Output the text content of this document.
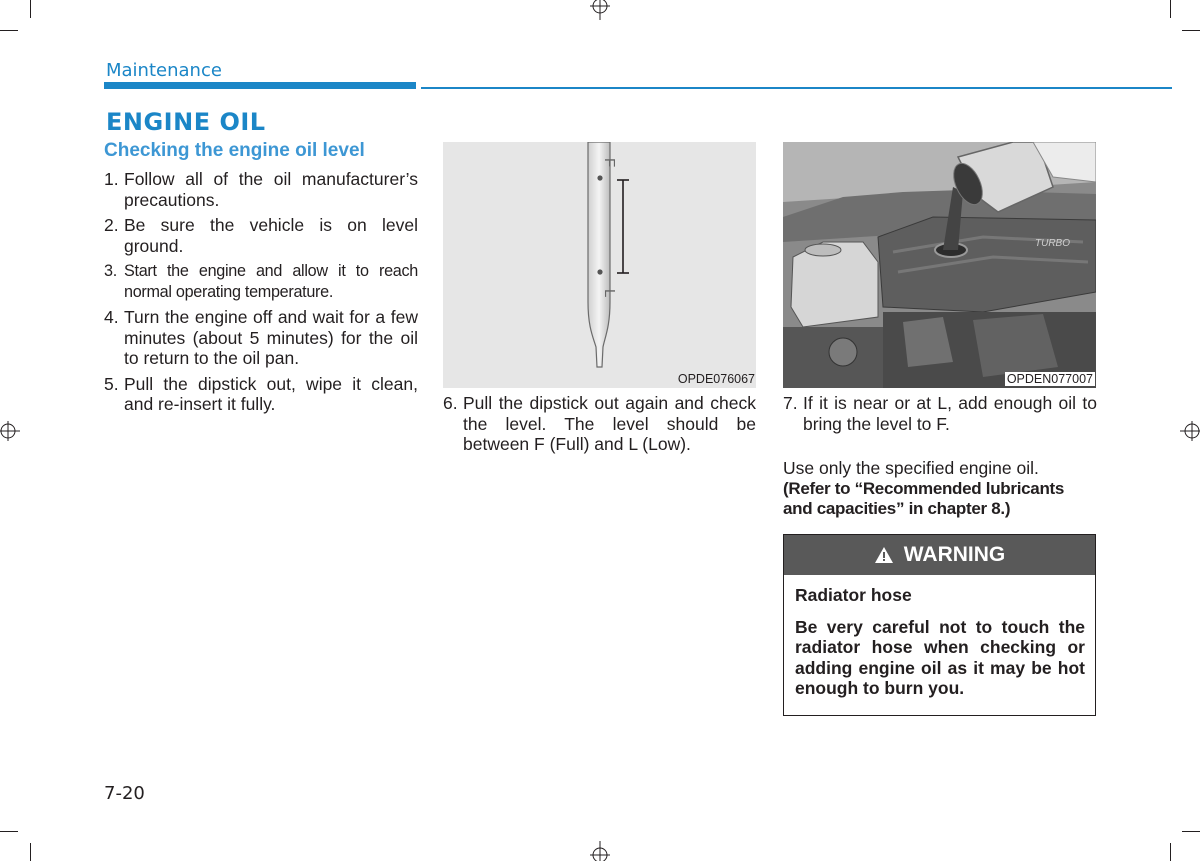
Maintenance
ENGINE OIL
Checking the engine oil level
1. Follow all of the oil manufacturer’s precautions.
2. Be sure the vehicle is on level ground.
3. Start the engine and allow it to reach normal operating temperature.
4. Turn the engine off and wait for a few minutes (about 5 minutes) for the oil to return to the oil pan.
5. Pull the dipstick out, wipe it clean, and re-insert it fully.
F
L
OPDE076067
TURBO
OPDEN077007
6. Pull the dipstick out again and check the level. The level should be between F (Full) and L (Low).
7. If it is near or at L, add enough oil to bring the level to F.
Use only the specified engine oil.
(Refer to “Recommended lubricants and capacities” in chapter 8.)
WARNING
Radiator hose
Be very careful not to touch the radiator hose when checking or adding engine oil as it may be hot enough to burn you.
7-20
